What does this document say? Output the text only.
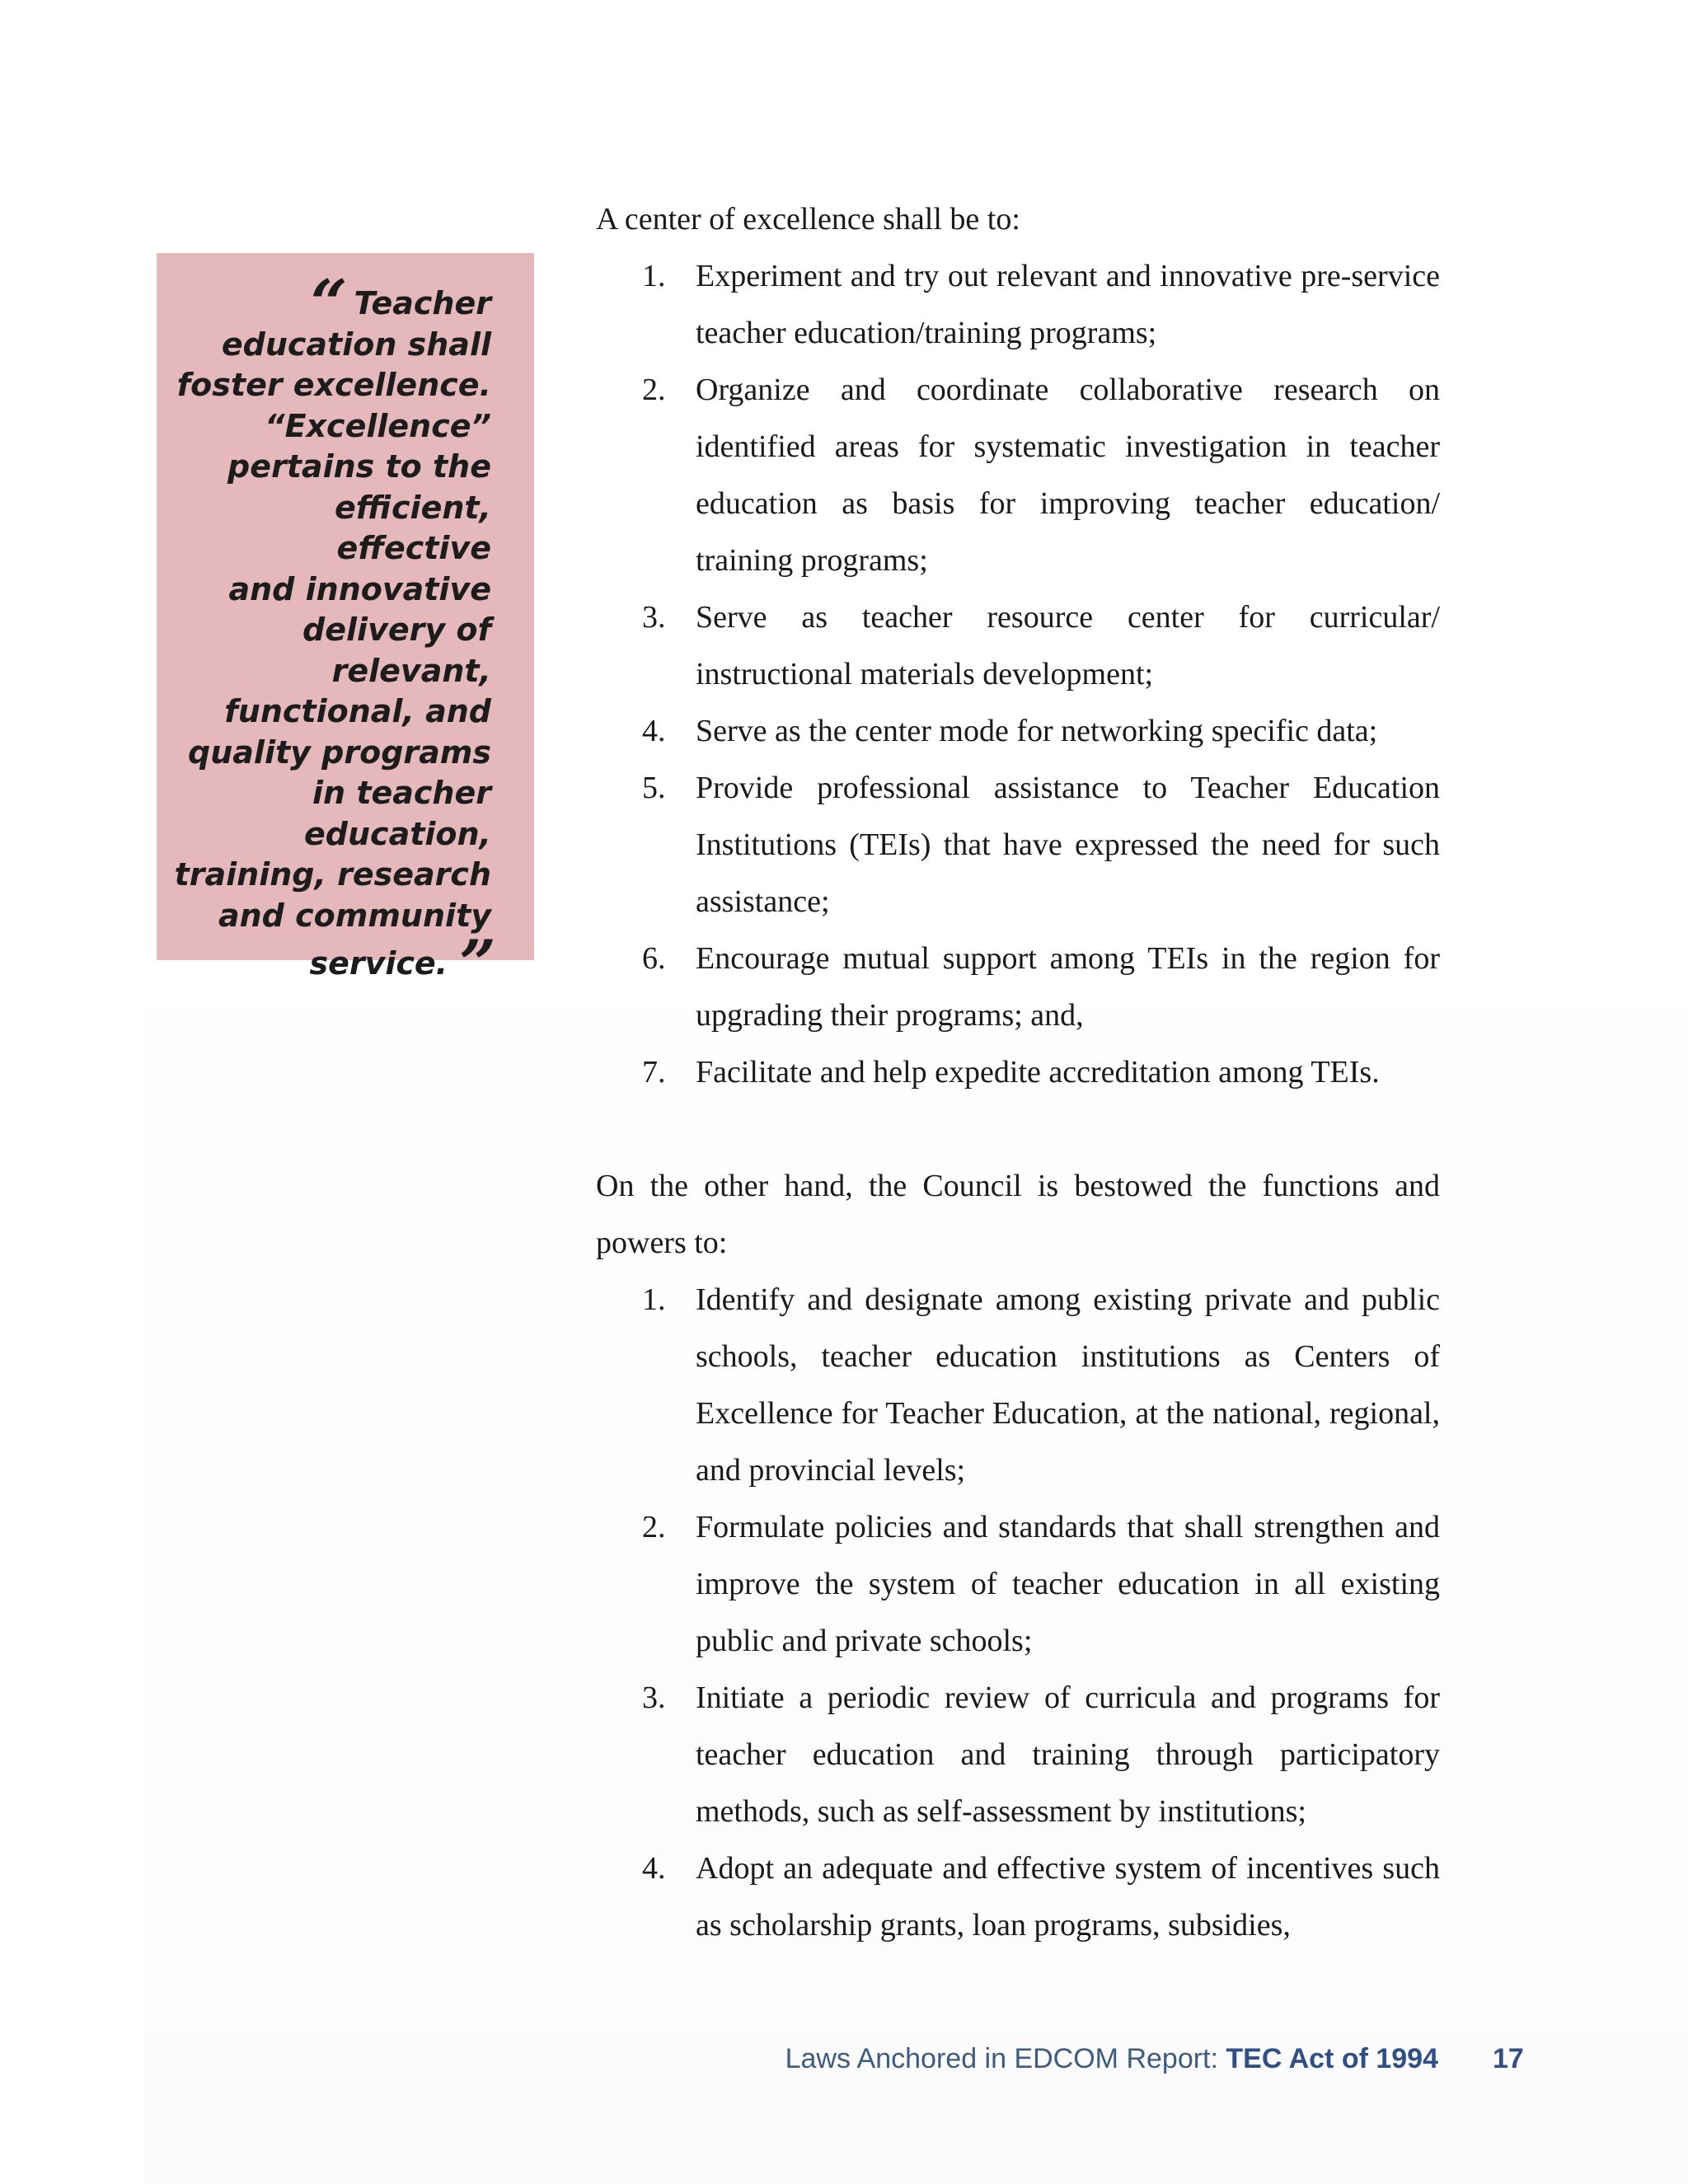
“ Teacher
education shall
foster excellence.
“Excellence”
pertains to the
efficient, effective
and innovative
delivery of
relevant,
functional, and
quality programs
in teacher
education,
training, research
and community
service. ”

A center of excellence shall be to:

1. Experiment and try out relevant and innovative pre-service teacher education/training programs;
2. Organize and coordinate collaborative research on identified areas for systematic investigation in teacher education as basis for improving teacher education/ training programs;
3. Serve as teacher resource center for curricular/ instructional materials development;
4. Serve as the center mode for networking specific data;
5. Provide professional assistance to Teacher Education Institutions (TEIs) that have expressed the need for such assistance;
6. Encourage mutual support among TEIs in the region for upgrading their programs; and,
7. Facilitate and help expedite accreditation among TEIs.

On the other hand, the Council is bestowed the functions and powers to:

1. Identify and designate among existing private and public schools, teacher education institutions as Centers of Excellence for Teacher Education, at the national, regional, and provincial levels;
2. Formulate policies and standards that shall strengthen and improve the system of teacher education in all existing public and private schools;
3. Initiate a periodic review of curricula and programs for teacher education and training through participatory methods, such as self-assessment by institutions;
4. Adopt an adequate and effective system of incentives such as scholarship grants, loan programs, subsidies,
Laws Anchored in EDCOM Report: TEC Act of 1994 17
